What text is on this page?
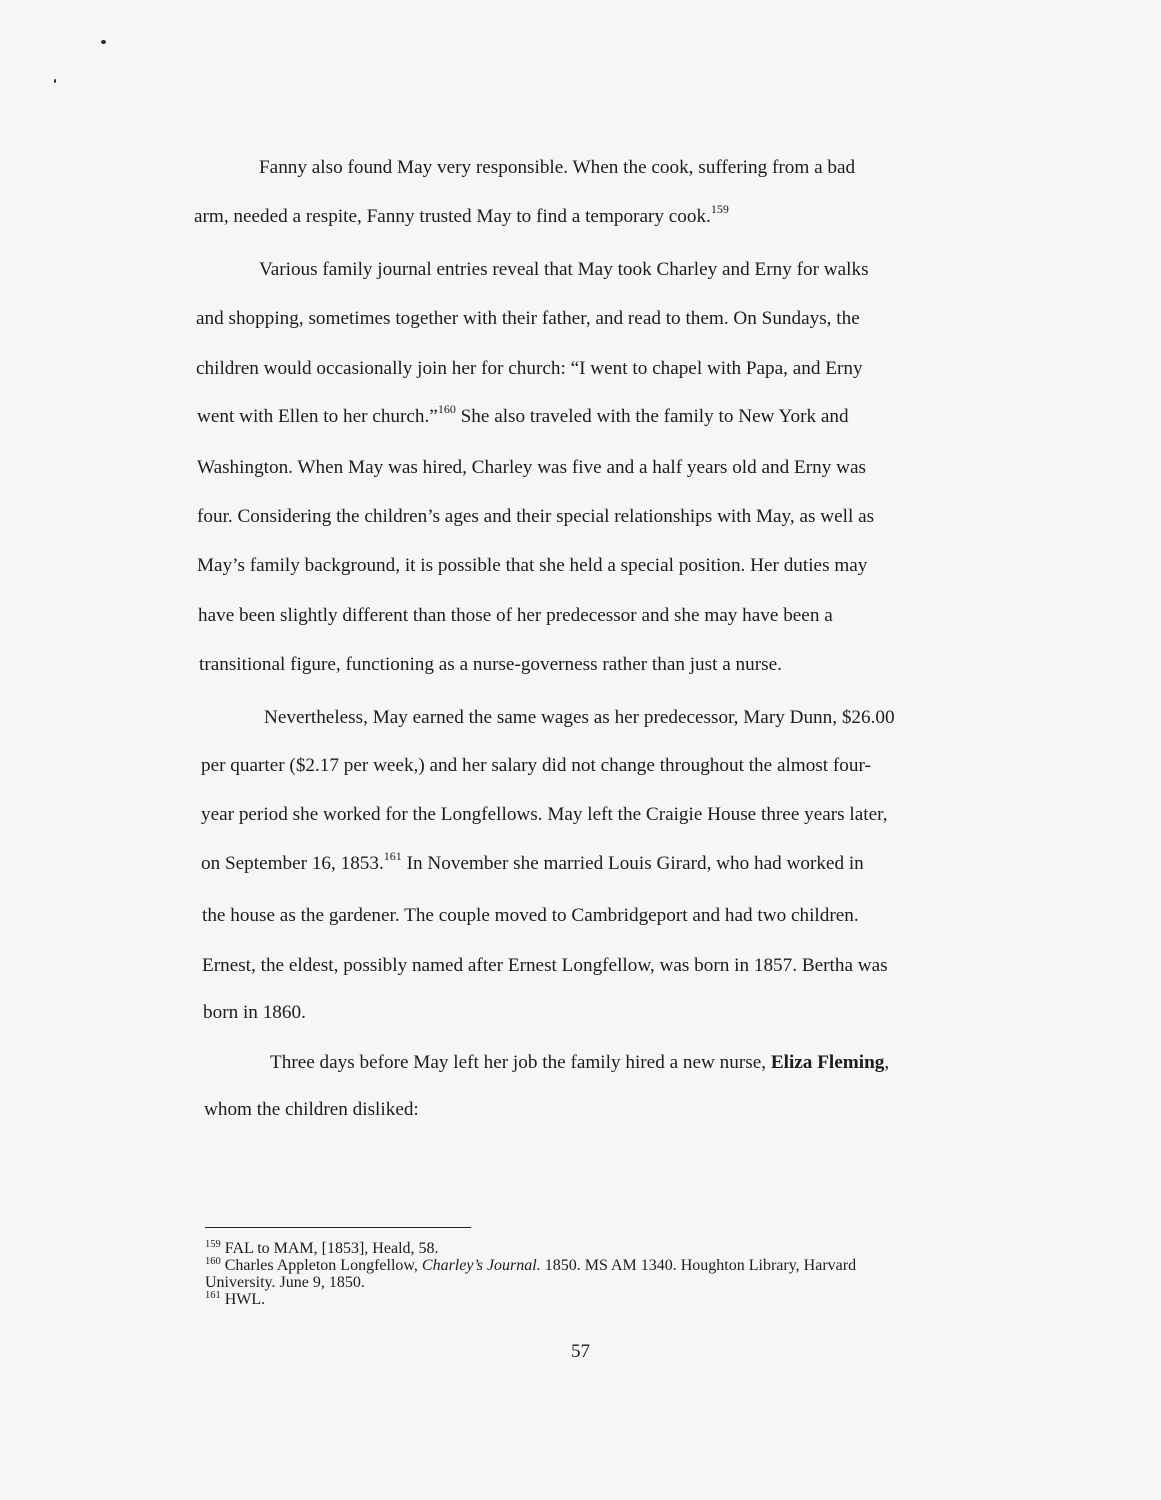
Fanny also found May very responsible. When the cook, suffering from a bad
arm, needed a respite, Fanny trusted May to find a temporary cook.$^{159}$
Various family journal entries reveal that May took Charley and Erny for walks
and shopping, sometimes together with their father, and read to them. On Sundays, the
children would occasionally join her for church: “I went to chapel with Papa, and Erny
went with Ellen to her church.”$^{160}$ She also traveled with the family to New York and
Washington. When May was hired, Charley was five and a half years old and Erny was
four. Considering the children’s ages and their special relationships with May, as well as
May’s family background, it is possible that she held a special position. Her duties may
have been slightly different than those of her predecessor and she may have been a
transitional figure, functioning as a nurse-governess rather than just a nurse.
Nevertheless, May earned the same wages as her predecessor, Mary Dunn, $26.00
per quarter ($2.17 per week,) and her salary did not change throughout the almost four-
year period she worked for the Longfellows. May left the Craigie House three years later,
on September 16, 1853.$^{161}$ In November she married Louis Girard, who had worked in
the house as the gardener. The couple moved to Cambridgeport and had two children.
Ernest, the eldest, possibly named after Ernest Longfellow, was born in 1857. Bertha was
born in 1860.
Three days before May left her job the family hired a new nurse, Eliza Fleming,
whom the children disliked:
$^{159}$ FAL to MAM, [1853], Heald, 58.
$^{160}$ Charles Appleton Longfellow, Charley’s Journal. 1850. MS AM 1340. Houghton Library, Harvard
University. June 9, 1850.
$^{161}$ HWL.
57
